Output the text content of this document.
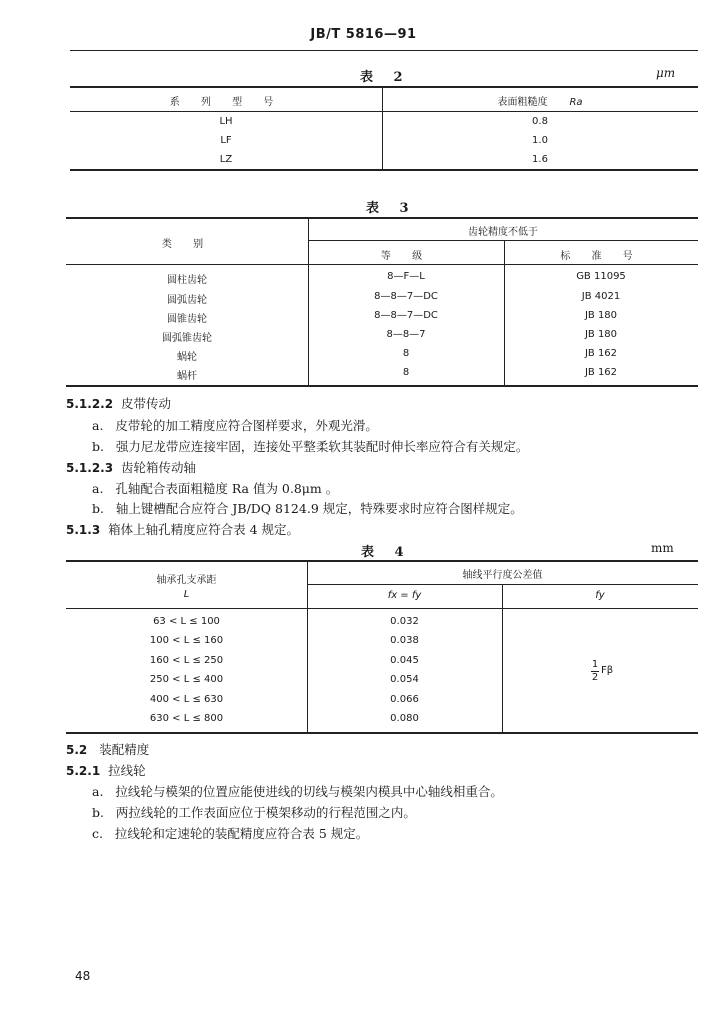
JB/T 5816—91
表 2	μm
系 列 型 号	表面粗糙度 Ra
LH	0.8
LF	1.0
LZ	1.6
表 3
类 别
齿轮精度不低于
等 级	标 准 号
圆柱齿轮	8—F—L	GB 11095
圆弧齿轮	8—8—7—DC	JB 4021
圆锥齿轮	8—8—7—DC	JB 180
圆弧锥齿轮	8—8—7	JB 180
蜗轮	8	JB 162
蜗杆	8	JB 162
5.1.2.2 皮带传动
a. 皮带轮的加工精度应符合图样要求，外观光滑。
b. 强力尼龙带应连接牢固，连接处平整柔软其装配时伸长率应符合有关规定。
5.1.2.3 齿轮箱传动轴
a. 孔轴配合表面粗糙度 Ra 值为 0.8μm 。
b. 轴上键槽配合应符合 JB/DQ 8124.9 规定，特殊要求时应符合图样规定。
5.1.3 箱体上轴孔精度应符合表 4 规定。
表 4	mm
轴承孔支承距
L
轴线平行度公差值
fx = fy	fy
63 < L ≤ 100	0.032
100 < L ≤ 160	0.038
160 < L ≤ 250	0.045
250 < L ≤ 400	0.054
400 < L ≤ 630	0.066
630 < L ≤ 800	0.080
1
2
Fβ
5.2 装配精度
5.2.1 拉线轮
a. 拉线轮与模架的位置应能使进线的切线与模架内模具中心轴线相重合。
b. 两拉线轮的工作表面应位于模架移动的行程范围之内。
c. 拉线轮和定速轮的装配精度应符合表 5 规定。
48
